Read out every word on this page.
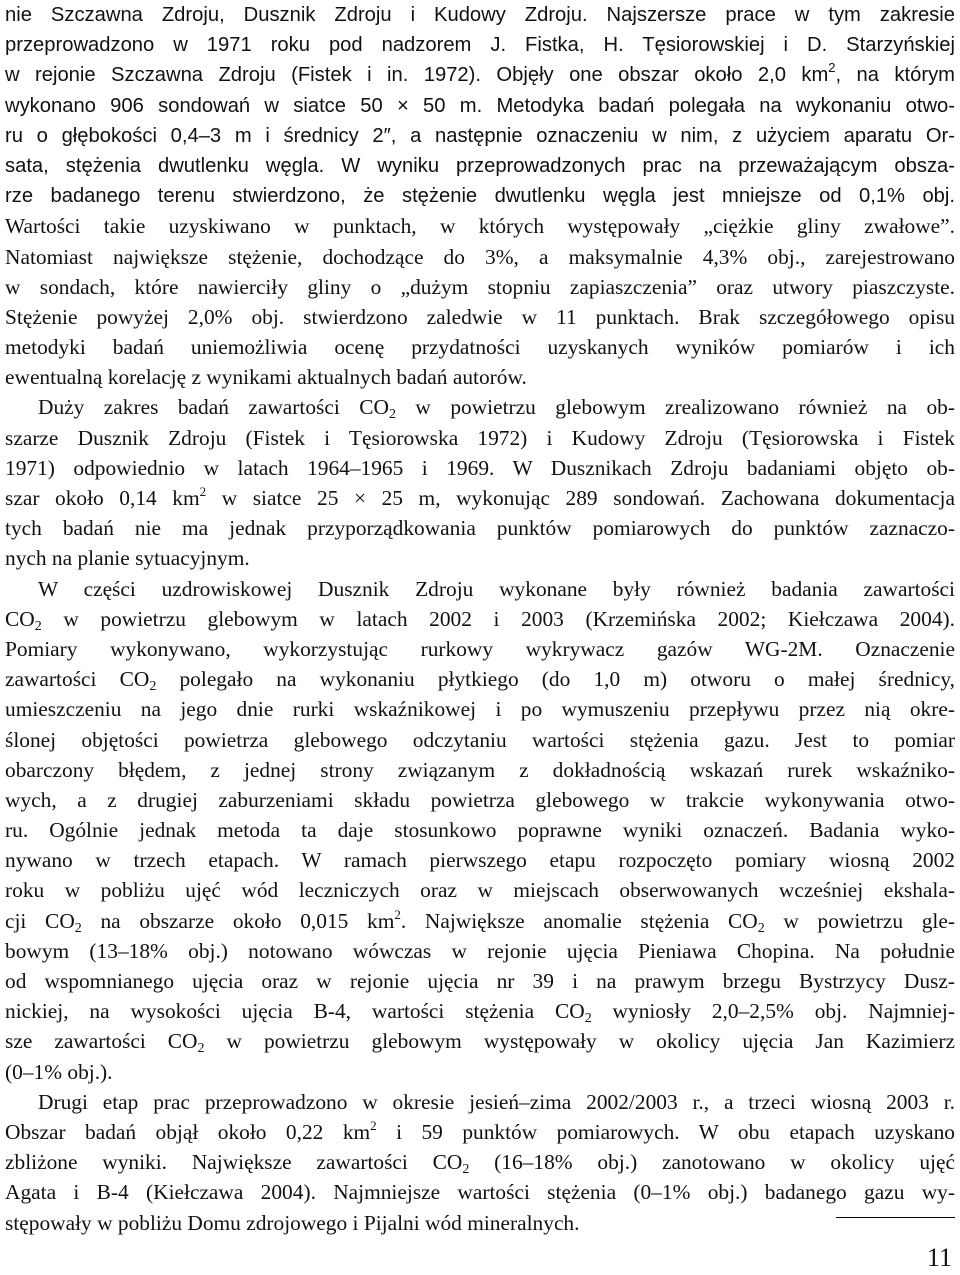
nie Szczawna Zdroju, Dusznik Zdroju i Kudowy Zdroju. Najszersze prace w tym zakresie
przeprowadzono w 1971 roku pod nadzorem J. Fistka, H. Tęsiorowskiej i D. Starzyńskiej
w rejonie Szczawna Zdroju (Fistek i in. 1972). Objęły one obszar około 2,0 $km^2$, na którym
wykonano 906 sondowań w siatce 50 × 50 m. Metodyka badań polegała na wykonaniu otwo-
ru o głębokości 0,4–3 m i średnicy 2″, a następnie oznaczeniu w nim, z użyciem aparatu Or-
sata, stężenia dwutlenku węgla. W wyniku przeprowadzonych prac na przeważającym obsza-
rze badanego terenu stwierdzono, że stężenie dwutlenku węgla jest mniejsze od 0,1% obj.
Wartości takie uzyskiwano w punktach, w których występowały „ciężkie gliny zwałowe”.
Natomiast największe stężenie, dochodzące do 3%, a maksymalnie 4,3% obj., zarejestrowano
w sondach, które nawierciły gliny o „dużym stopniu zapiaszczenia” oraz utwory piaszczyste.
Stężenie powyżej 2,0% obj. stwierdzono zaledwie w 11 punktach. Brak szczegółowego opisu
metodyki badań uniemożliwia ocenę przydatności uzyskanych wyników pomiarów i ich
ewentualną korelację z wynikami aktualnych badań autorów.
Duży zakres badań zawartości $CO_2$ w powietrzu glebowym zrealizowano również na ob-
szarze Dusznik Zdroju (Fistek i Tęsiorowska 1972) i Kudowy Zdroju (Tęsiorowska i Fistek
1971) odpowiednio w latach 1964–1965 i 1969. W Dusznikach Zdroju badaniami objęto ob-
szar około 0,14 $km^2$ w siatce 25 × 25 m, wykonując 289 sondowań. Zachowana dokumentacja
tych badań nie ma jednak przyporządkowania punktów pomiarowych do punktów zaznaczo-
nych na planie sytuacyjnym.
W części uzdrowiskowej Dusznik Zdroju wykonane były również badania zawartości
$CO_2$ w powietrzu glebowym w latach 2002 i 2003 (Krzemińska 2002; Kiełczawa 2004).
Pomiary wykonywano, wykorzystując rurkowy wykrywacz gazów WG-2M. Oznaczenie
zawartości $CO_2$ polegało na wykonaniu płytkiego (do 1,0 m) otworu o małej średnicy,
umieszczeniu na jego dnie rurki wskaźnikowej i po wymuszeniu przepływu przez nią okre-
ślonej objętości powietrza glebowego odczytaniu wartości stężenia gazu. Jest to pomiar
obarczony błędem, z jednej strony związanym z dokładnością wskazań rurek wskaźniko-
wych, a z drugiej zaburzeniami składu powietrza glebowego w trakcie wykonywania otwo-
ru. Ogólnie jednak metoda ta daje stosunkowo poprawne wyniki oznaczeń. Badania wyko-
nywano w trzech etapach. W ramach pierwszego etapu rozpoczęto pomiary wiosną 2002
roku w pobliżu ujęć wód leczniczych oraz w miejscach obserwowanych wcześniej ekshala-
cji $CO_2$ na obszarze około 0,015 $km^2$. Największe anomalie stężenia $CO_2$ w powietrzu gle-
bowym (13–18% obj.) notowano wówczas w rejonie ujęcia Pieniawa Chopina. Na południe
od wspomnianego ujęcia oraz w rejonie ujęcia nr 39 i na prawym brzegu Bystrzycy Dusz-
nickiej, na wysokości ujęcia B-4, wartości stężenia $CO_2$ wyniosły 2,0–2,5% obj. Najmniej-
sze zawartości $CO_2$ w powietrzu glebowym występowały w okolicy ujęcia Jan Kazimierz
(0–1% obj.).
Drugi etap prac przeprowadzono w okresie jesień–zima 2002/2003 r., a trzeci wiosną 2003 r.
Obszar badań objął około 0,22 $km^2$ i 59 punktów pomiarowych. W obu etapach uzyskano
zbliżone wyniki. Największe zawartości $CO_2$ (16–18% obj.) zanotowano w okolicy ujęć
Agata i B-4 (Kiełczawa 2004). Najmniejsze wartości stężenia (0–1% obj.) badanego gazu wy-
stępowały w pobliżu Domu zdrojowego i Pijalni wód mineralnych.
11
